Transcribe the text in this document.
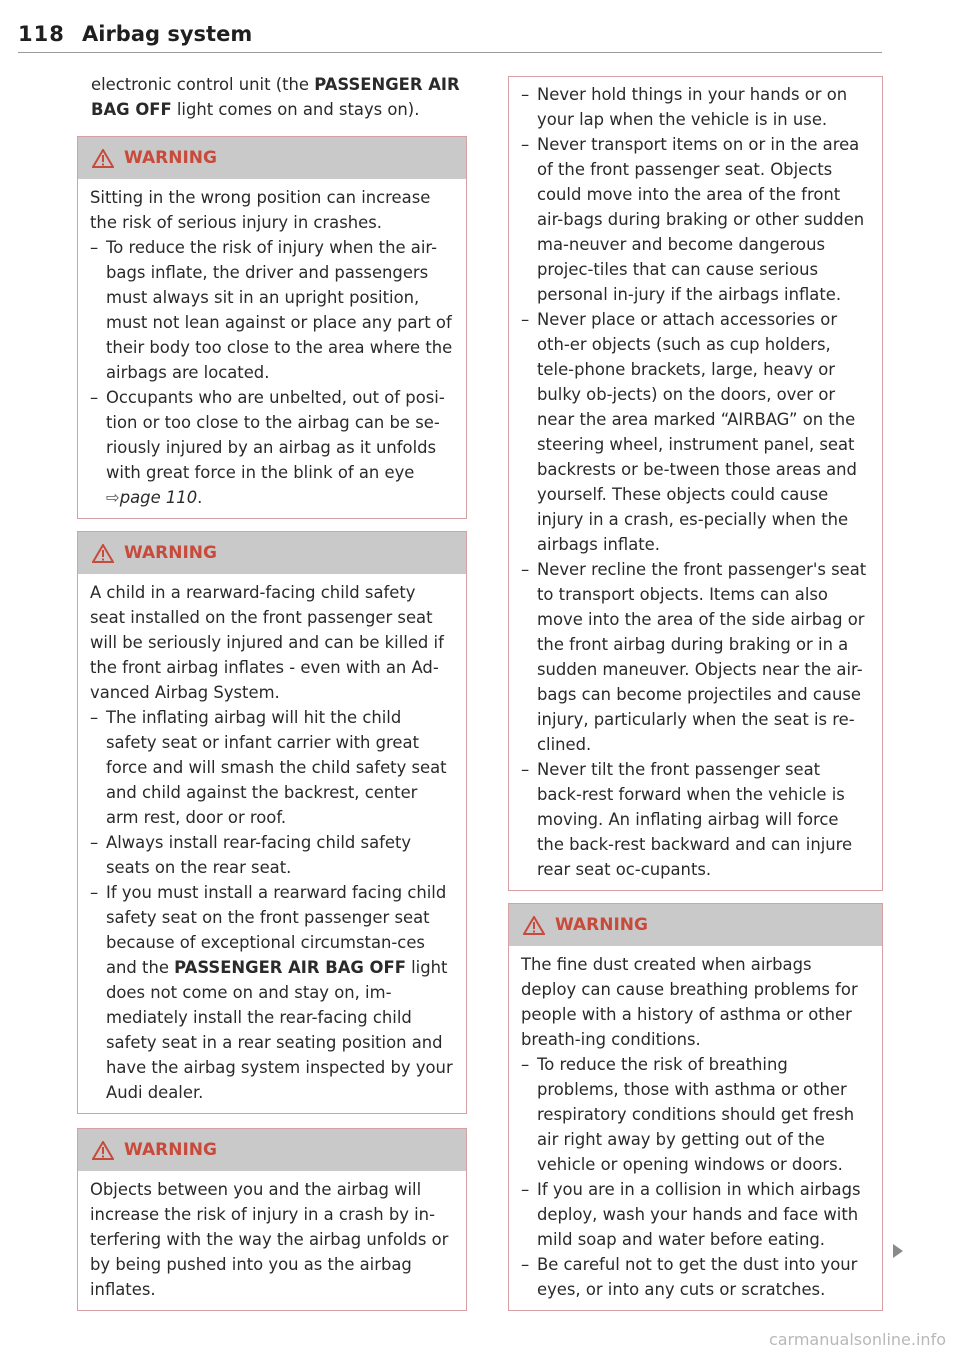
118 Airbag system

electronic control unit (the PASSENGER AIR BAG OFF light comes on and stays on).

WARNING

Sitting in the wrong position can increase the risk of serious injury in crashes.

– To reduce the risk of injury when the air-bags inflate, the driver and passengers must always sit in an upright position, must not lean against or place any part of their body too close to the area where the airbags are located.
– Occupants who are unbelted, out of posi-tion or too close to the airbag can be se-riously injured by an airbag as it unfolds with great force in the blink of an eye
⇨page 110.
WARNING

A child in a rearward-facing child safety seat installed on the front passenger seat will be seriously injured and can be killed if the front airbag inflates - even with an Ad-vanced Airbag System.

– The inflating airbag will hit the child safety seat or infant carrier with great force and will smash the child safety seat and child against the backrest, center arm rest, door or roof.
– Always install rear-facing child safety seats on the rear seat.
– If you must install a rearward facing child safety seat on the front passenger seat because of exceptional circumstan-ces and the PASSENGER AIR BAG OFF light does not come on and stay on, im-mediately install the rear-facing child safety seat in a rear seating position and have the airbag system inspected by your Audi dealer.
WARNING

Objects between you and the airbag will increase the risk of injury in a crash by in-terfering with the way the airbag unfolds or by being pushed into you as the airbag inflates.

– Never hold things in your hands or on your lap when the vehicle is in use.
– Never transport items on or in the area of the front passenger seat. Objects could move into the area of the front air-bags during braking or other sudden ma-neuver and become dangerous projec-tiles that can cause serious personal in-jury if the airbags inflate.
– Never place or attach accessories or oth-er objects (such as cup holders, tele-phone brackets, large, heavy or bulky ob-jects) on the doors, over or near the area marked “AIRBAG” on the steering wheel, instrument panel, seat backrests or be-tween those areas and yourself. These objects could cause injury in a crash, es-pecially when the airbags inflate.
– Never recline the front passenger's seat to transport objects. Items can also move into the area of the side airbag or the front airbag during braking or in a sudden maneuver. Objects near the air-bags can become projectiles and cause injury, particularly when the seat is re-clined.
– Never tilt the front passenger seat back-rest forward when the vehicle is moving. An inflating airbag will force the back-rest backward and can injure rear seat oc-cupants.
WARNING

The fine dust created when airbags deploy can cause breathing problems for people with a history of asthma or other breath-ing conditions.

– To reduce the risk of breathing problems, those with asthma or other respiratory conditions should get fresh air right away by getting out of the vehicle or opening windows or doors.
– If you are in a collision in which airbags deploy, wash your hands and face with mild soap and water before eating.
– Be careful not to get the dust into your eyes, or into any cuts or scratches.
carmanualsonline.info
